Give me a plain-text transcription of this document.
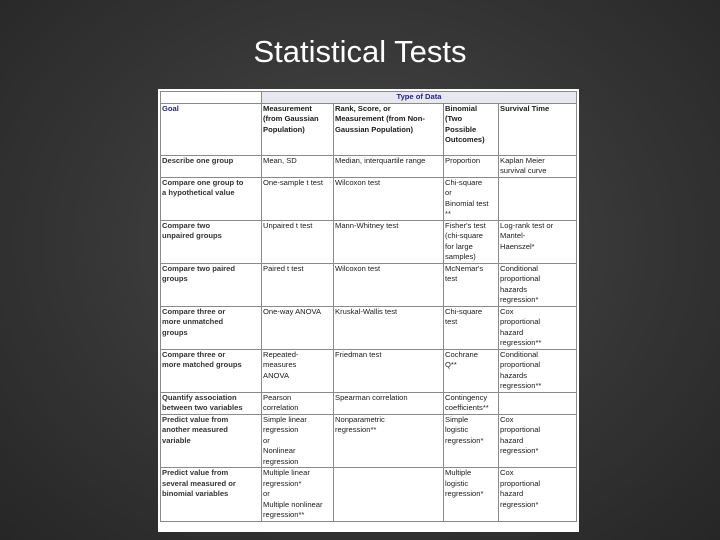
Statistical Tests
	Type of Data			

Goal	Measurement
(from Gaussian
Population)	Rank, Score, or
Measurement (from Non-
Gaussian Population)	Binomial
(Two
Possible
Outcomes)	Survival Time

Describe one group	Mean, SD	Median, interquartile range	Proportion	Kaplan Meier
survival curve

Compare one group to
a hypothetical value	One-sample t test	Wilcoxon test	Chi-square
or
Binomial test
**	

Compare two
unpaired groups	Unpaired t test	Mann-Whitney test	Fisher's test
(chi-square
for large
samples)	Log-rank test or
Mantel-
Haenszel*

Compare two paired
groups	Paired t test	Wilcoxon test	McNemar's
test	Conditional
proportional
hazards
regression*

Compare three or
more unmatched
groups	One-way ANOVA	Kruskal-Wallis test	Chi-square
test	Cox
proportional
hazard
regression**

Compare three or
more matched groups	Repeated-
measures
ANOVA	Friedman test	Cochrane
Q**	Conditional
proportional
hazards
regression**

Quantify association
between two variables	Pearson
correlation	Spearman correlation	Contingency
coefficients**	

Predict value from
another measured
variable	Simple linear
regression
or
Nonlinear
regression	Nonparametric
regression**	Simple
logistic
regression*	Cox
proportional
hazard
regression*

Predict value from
several measured or
binomial variables	Multiple linear
regression*
or
Multiple nonlinear
regression**		Multiple
logistic
regression*	Cox
proportional
hazard
regression*
